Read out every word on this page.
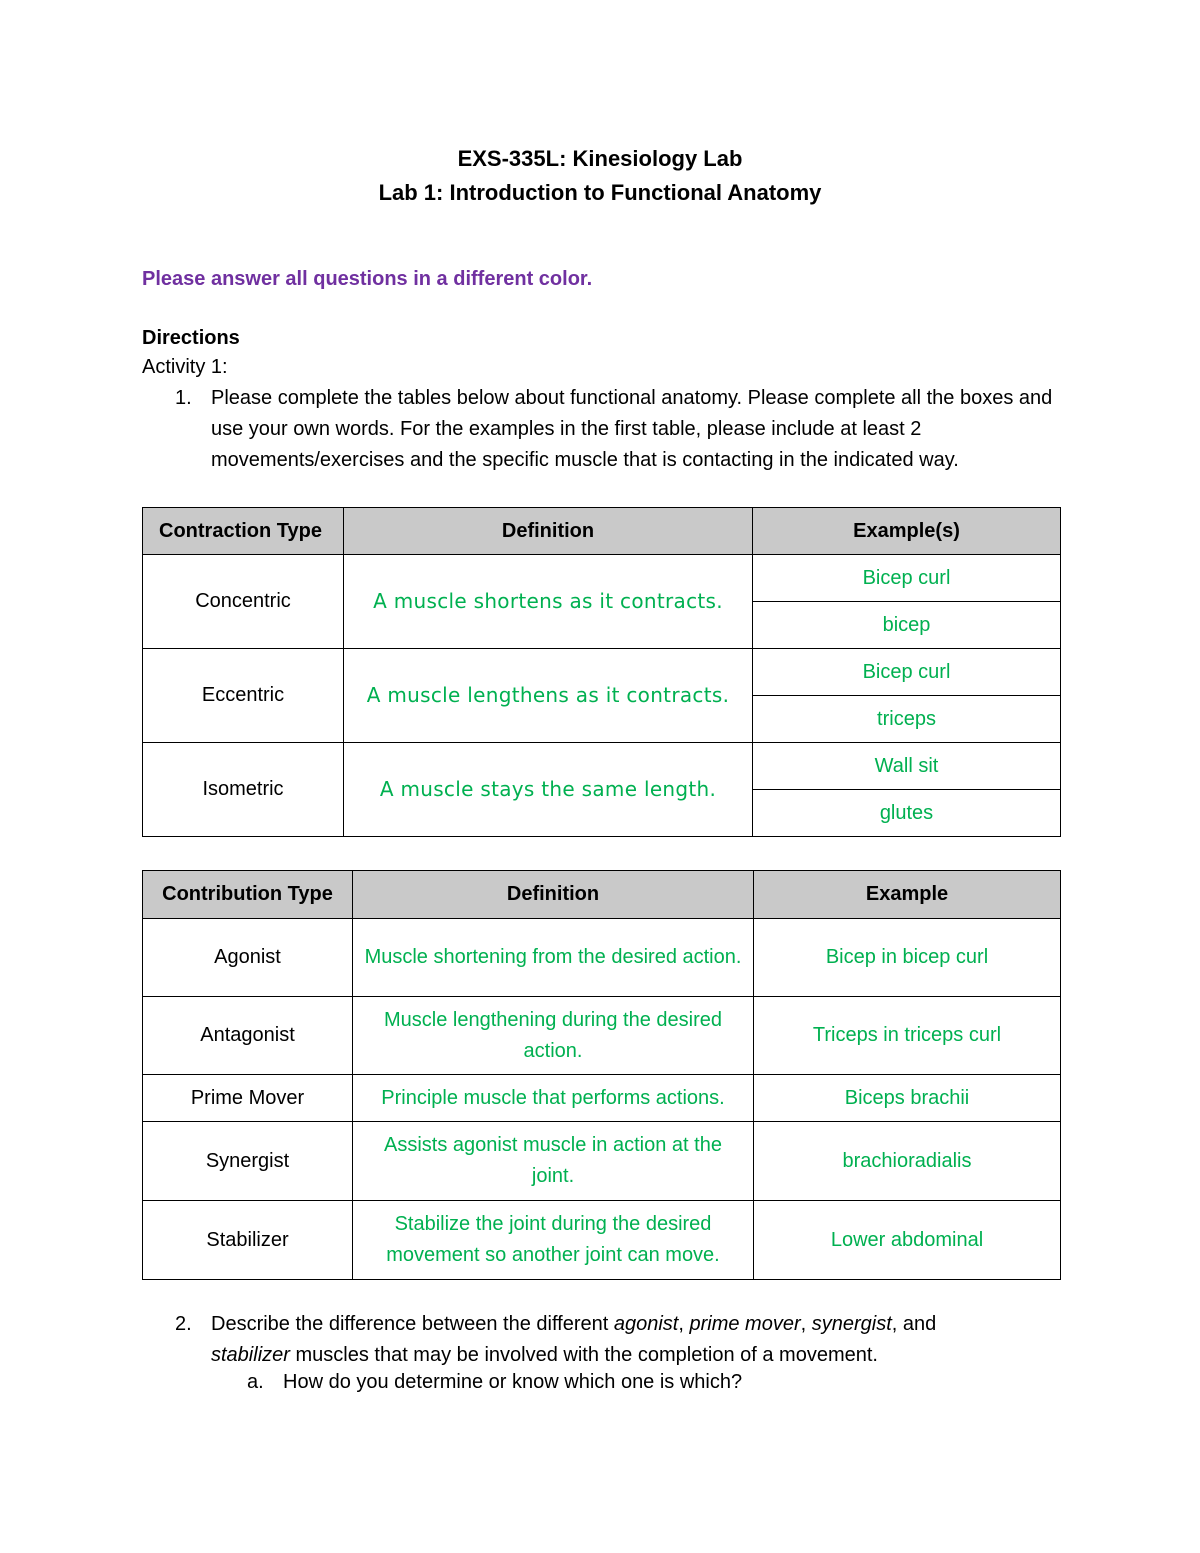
EXS-335L: Kinesiology Lab
Lab 1: Introduction to Functional Anatomy
Please answer all questions in a different color.
Directions
Activity 1:
1. Please complete the tables below about functional anatomy. Please complete all the boxes and use your own words. For the examples in the first table, please include at least 2 movements/exercises and the specific muscle that is contacting in the indicated way.
Contraction Type	Definition	Example(s)
Concentric	A muscle shortens as it contracts.	Bicep curl
		bicep
Eccentric	A muscle lengthens as it contracts.	Bicep curl
		triceps
Isometric	A muscle stays the same length.	Wall sit
		glutes
Contribution Type	Definition	Example
Agonist	Muscle shortening from the desired action.	Bicep in bicep curl
Antagonist	Muscle lengthening during the desired action.	Triceps in triceps curl
Prime Mover	Principle muscle that performs actions.	Biceps brachii
Synergist	Assists agonist muscle in action at the joint.	brachioradialis
Stabilizer	Stabilize the joint during the desired movement so another joint can move.	Lower abdominal
2. Describe the difference between the different agonist, prime mover, synergist, and
stabilizer muscles that may be involved with the completion of a movement.
a. How do you determine or know which one is which?
